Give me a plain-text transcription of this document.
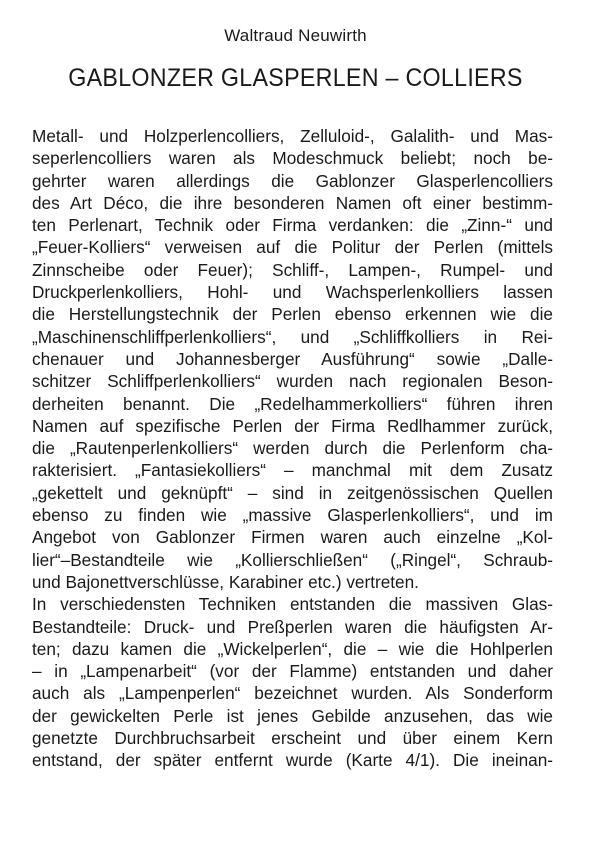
Waltraud Neuwirth
GABLONZER GLASPERLEN – COLLIERS
Metall- und Holzperlencolliers, Zelluloid-, Galalith- und Mas-
seperlencolliers waren als Modeschmuck beliebt; noch be-
gehrter waren allerdings die Gablonzer Glasperlencolliers
des Art Déco, die ihre besonderen Namen oft einer bestimm-
ten Perlenart, Technik oder Firma verdanken: die „Zinn-“ und
„Feuer-Kolliers“ verweisen auf die Politur der Perlen (mittels
Zinnscheibe oder Feuer); Schliff-, Lampen-, Rumpel- und
Druckperlenkolliers, Hohl- und Wachsperlenkolliers lassen
die Herstellungstechnik der Perlen ebenso erkennen wie die
„Maschinenschliffperlenkolliers“, und „Schliffkolliers in Rei-
chenauer und Johannesberger Ausführung“ sowie „Dalle-
schitzer Schliffperlenkolliers“ wurden nach regionalen Beson-
derheiten benannt. Die „Redelhammerkolliers“ führen ihren
Namen auf spezifische Perlen der Firma Redlhammer zurück,
die „Rautenperlenkolliers“ werden durch die Perlenform cha-
rakterisiert. „Fantasiekolliers“ – manchmal mit dem Zusatz
„gekettelt und geknüpft“ – sind in zeitgenössischen Quellen
ebenso zu finden wie „massive Glasperlenkolliers“, und im
Angebot von Gablonzer Firmen waren auch einzelne „Kol-
lier“–Bestandteile wie „Kollierschließen“ („Ringel“, Schraub-
und Bajonettverschlüsse, Karabiner etc.) vertreten.
In verschiedensten Techniken entstanden die massiven Glas-
Bestandteile: Druck- und Preßperlen waren die häufigsten Ar-
ten; dazu kamen die „Wickelperlen“, die – wie die Hohlperlen
– in „Lampenarbeit“ (vor der Flamme) entstanden und daher
auch als „Lampenperlen“ bezeichnet wurden. Als Sonderform
der gewickelten Perle ist jenes Gebilde anzusehen, das wie
genetzte Durchbruchsarbeit erscheint und über einem Kern
entstand, der später entfernt wurde (Karte 4/1). Die ineinan-
